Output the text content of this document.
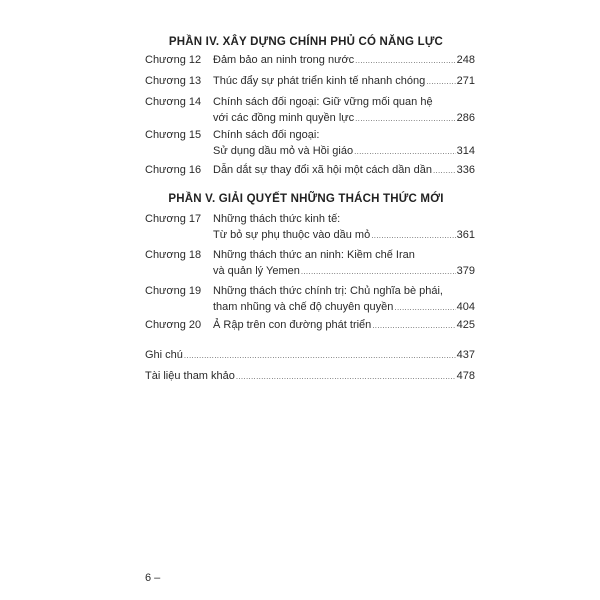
PHẦN IV. XÂY DỰNG CHÍNH PHỦ CÓ NĂNG LỰC
Chương 12 Đảm bảo an ninh trong nước .....	248
Chương 13 Thúc đẩy sự phát triển kinh tế nhanh chóng .....	271
Chương 14 Chính sách đối ngoại: Giữ vững mối quan hệ
với các đồng minh quyền lực .....	286
Chương 15 Chính sách đối ngoại:
Sử dụng dầu mỏ và Hồi giáo .....	314
Chương 16 Dẫn dắt sự thay đổi xã hội một cách dần dần ..... 336
PHẦN V. GIẢI QUYẾT NHỮNG THÁCH THỨC MỚI
Chương 17 Những thách thức kinh tế:
Từ bỏ sự phụ thuộc vào dầu mỏ .....	361
Chương 18 Những thách thức an ninh: Kiềm chế Iran
và quản lý Yemen .....	379
Chương 19 Những thách thức chính trị: Chủ nghĩa bè phái,
tham nhũng và chế độ chuyên quyền .....	404
Chương 20 Ả Rập trên con đường phát triển .....	425
Ghi chú .....	437
Tài liệu tham khảo .....	478
6 –
